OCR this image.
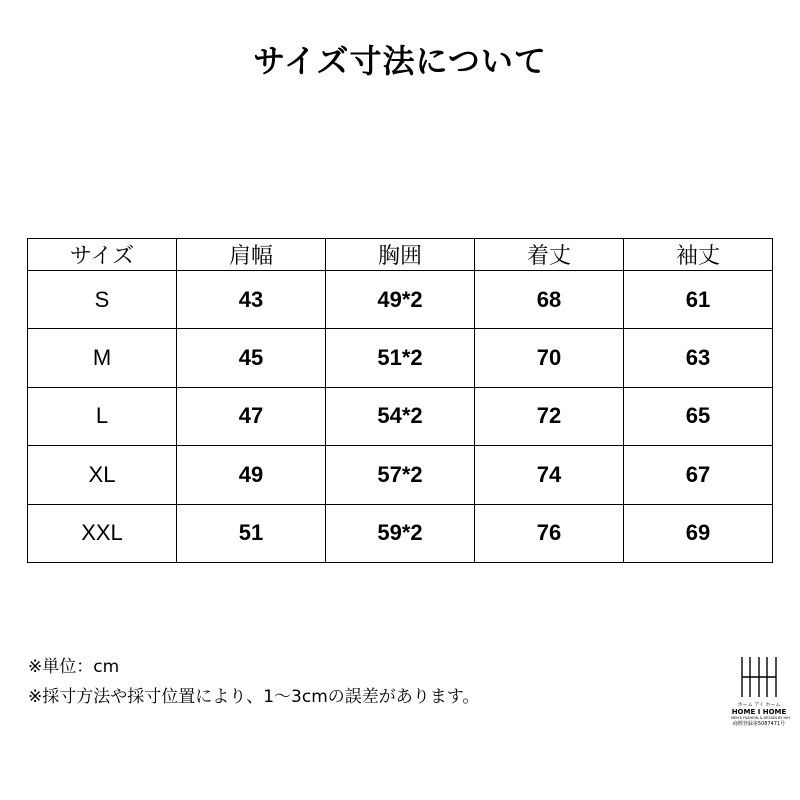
サイズ寸法について
サイズ	肩幅	胸囲	着丈	袖丈
S	43	49*2	68	61
M	45	51*2	70	63
L	47	54*2	72	65
XL	49	57*2	74	67
XXL	51	59*2	76	69
※単位：cm
※採寸方法や採寸位置により、1～3cmの誤差があります。	ホーム アイ ホーム
HOME I HOME
MEN'S FASHION & DESIGN BY HIH
商標登録第5087471号
